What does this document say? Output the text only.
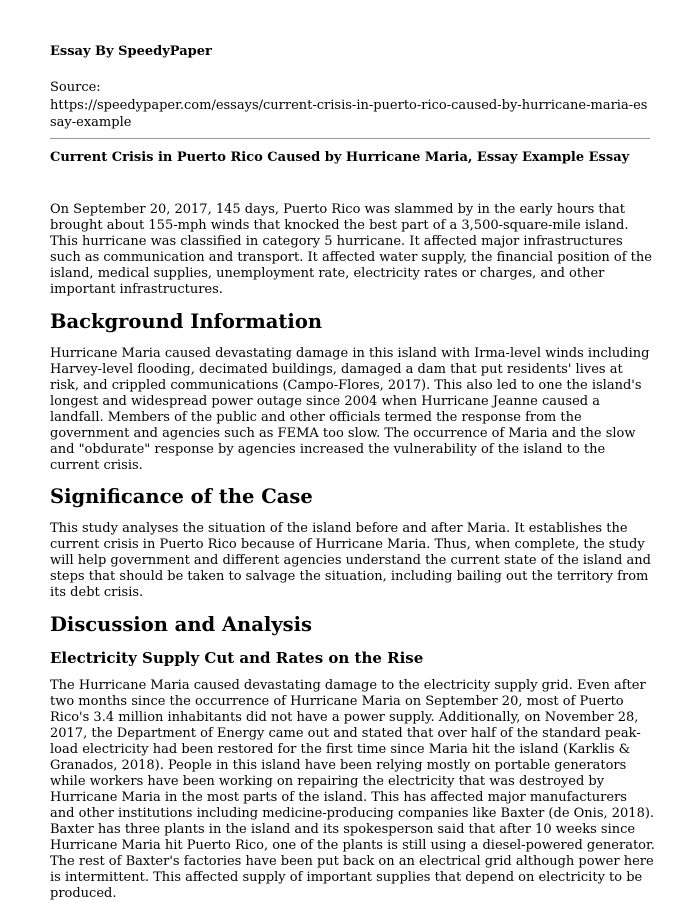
Essay By SpeedyPaper
Source:
https://speedypaper.com/essays/current-crisis-in-puerto-rico-caused-by-hurricane-maria-essay-example
Current Crisis in Puerto Rico Caused by Hurricane Maria, Essay Example Essay

On September 20, 2017, 145 days, Puerto Rico was slammed by in the early hours that brought about 155-mph winds that knocked the best part of a 3,500-square-mile island. This hurricane was classified in category 5 hurricane. It affected major infrastructures such as communication and transport. It affected water supply, the financial position of the island, medical supplies, unemployment rate, electricity rates or charges, and other important infrastructures.

Background Information

Hurricane Maria caused devastating damage in this island with Irma-level winds including Harvey-level flooding, decimated buildings, damaged a dam that put residents' lives at risk, and crippled communications (Campo-Flores, 2017). This also led to one the island's longest and widespread power outage since 2004 when Hurricane Jeanne caused a landfall. Members of the public and other officials termed the response from the government and agencies such as FEMA too slow. The occurrence of Maria and the slow and "obdurate" response by agencies increased the vulnerability of the island to the current crisis.

Significance of the Case

This study analyses the situation of the island before and after Maria. It establishes the current crisis in Puerto Rico because of Hurricane Maria. Thus, when complete, the study will help government and different agencies understand the current state of the island and steps that should be taken to salvage the situation, including bailing out the territory from its debt crisis.

Discussion and Analysis
Electricity Supply Cut and Rates on the Rise

The Hurricane Maria caused devastating damage to the electricity supply grid. Even after two months since the occurrence of Hurricane Maria on September 20, most of Puerto Rico's 3.4 million inhabitants did not have a power supply. Additionally, on November 28, 2017, the Department of Energy came out and stated that over half of the standard peak-load electricity had been restored for the first time since Maria hit the island (Karklis & Granados, 2018). People in this island have been relying mostly on portable generators while workers have been working on repairing the electricity that was destroyed by Hurricane Maria in the most parts of the island. This has affected major manufacturers and other institutions including medicine-producing companies like Baxter (de Onis, 2018). Baxter has three plants in the island and its spokesperson said that after 10 weeks since Hurricane Maria hit Puerto Rico, one of the plants is still using a diesel-powered generator. The rest of Baxter's factories have been put back on an electrical grid although power here is intermittent. This affected supply of important supplies that depend on electricity to be produced.
